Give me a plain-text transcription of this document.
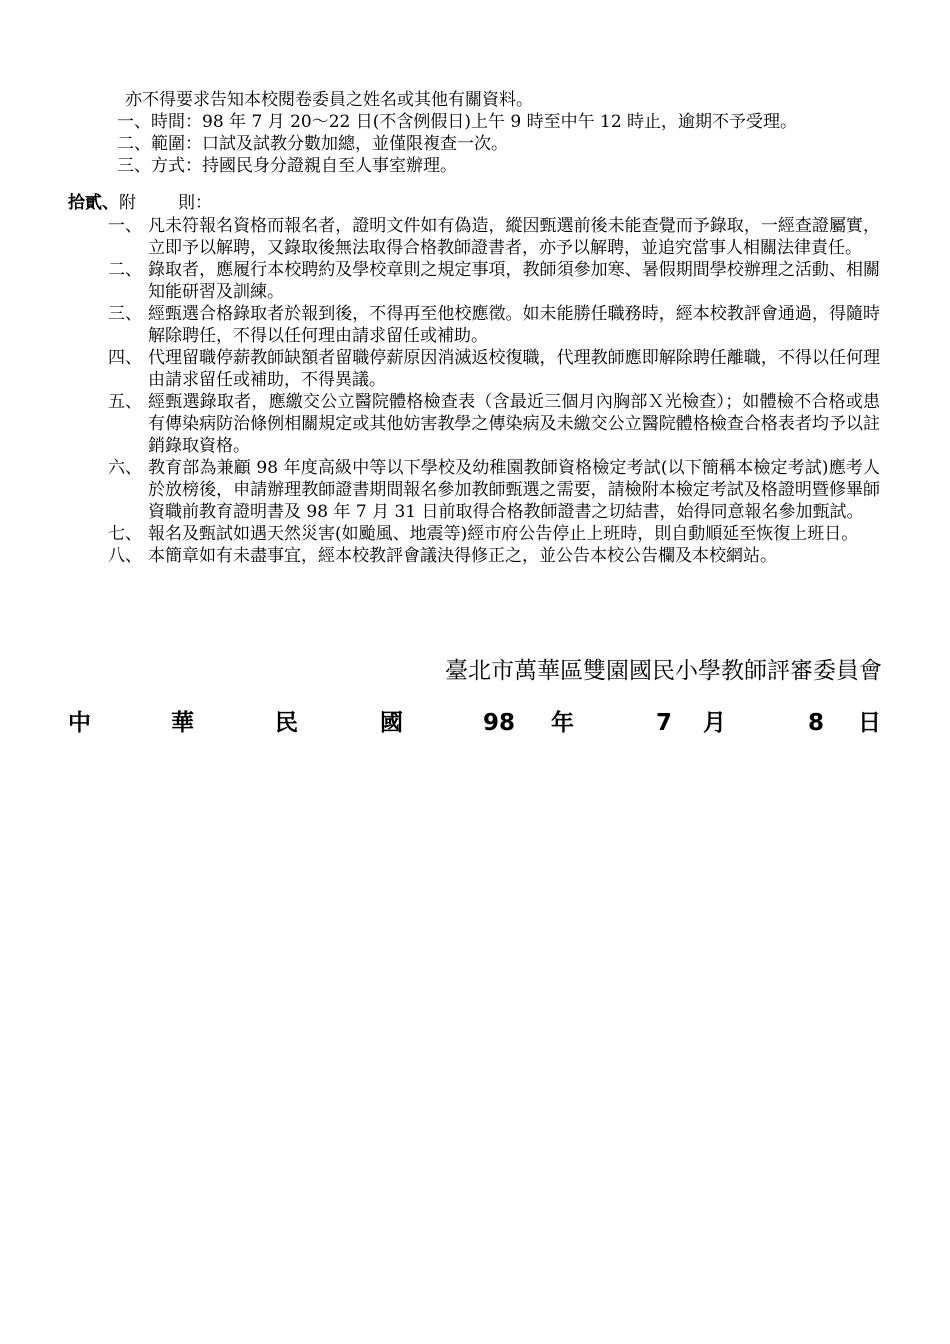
亦不得要求告知本校閱卷委員之姓名或其他有關資料。
一、 時間：98 年 7 月 20～22 日(不含例假日)上午 9 時至中午 12 時止，逾期不予受理。
二、 範圍：口試及試教分數加總，並僅限複查一次。
三、 方式：持國民身分證親自至人事室辦理。
拾貳、附 則：
一、 凡未符報名資格而報名者，證明文件如有偽造，縱因甄選前後未能查覺而予錄取，一經查證屬實，立即予以解聘，又錄取後無法取得合格教師證書者，亦予以解聘，並追究當事人相關法律責任。
二、 錄取者，應履行本校聘約及學校章則之規定事項，教師須參加寒、暑假期間學校辦理之活動、相關知能研習及訓練。
三、 經甄選合格錄取者於報到後，不得再至他校應徵。如未能勝任職務時，經本校教評會通過，得隨時解除聘任，不得以任何理由請求留任或補助。
四、 代理留職停薪教師缺額者留職停薪原因消滅返校復職，代理教師應即解除聘任離職，不得以任何理由請求留任或補助，不得異議。
五、 經甄選錄取者，應繳交公立醫院體格檢查表（含最近三個月內胸部Ｘ光檢查）；如體檢不合格或患有傳染病防治條例相關規定或其他妨害教學之傳染病及未繳交公立醫院體格檢查合格表者均予以註銷錄取資格。
六、 教育部為兼顧 98 年度高級中等以下學校及幼稚園教師資格檢定考試(以下簡稱本檢定考試)應考人於放榜後，申請辦理教師證書期間報名參加教師甄選之需要，請檢附本檢定考試及格證明暨修畢師資職前教育證明書及 98 年 7 月 31 日前取得合格教師證書之切結書，始得同意報名參加甄試。
七、 報名及甄試如遇天然災害(如颱風、地震等)經市府公告停止上班時，則自動順延至恢復上班日。
八、 本簡章如有未盡事宜，經本校教評會議決得修正之，並公告本校公告欄及本校網站。
臺北市萬華區雙園國民小學教師評審委員會
中	華	民	國	98 年	7 月	8 日
